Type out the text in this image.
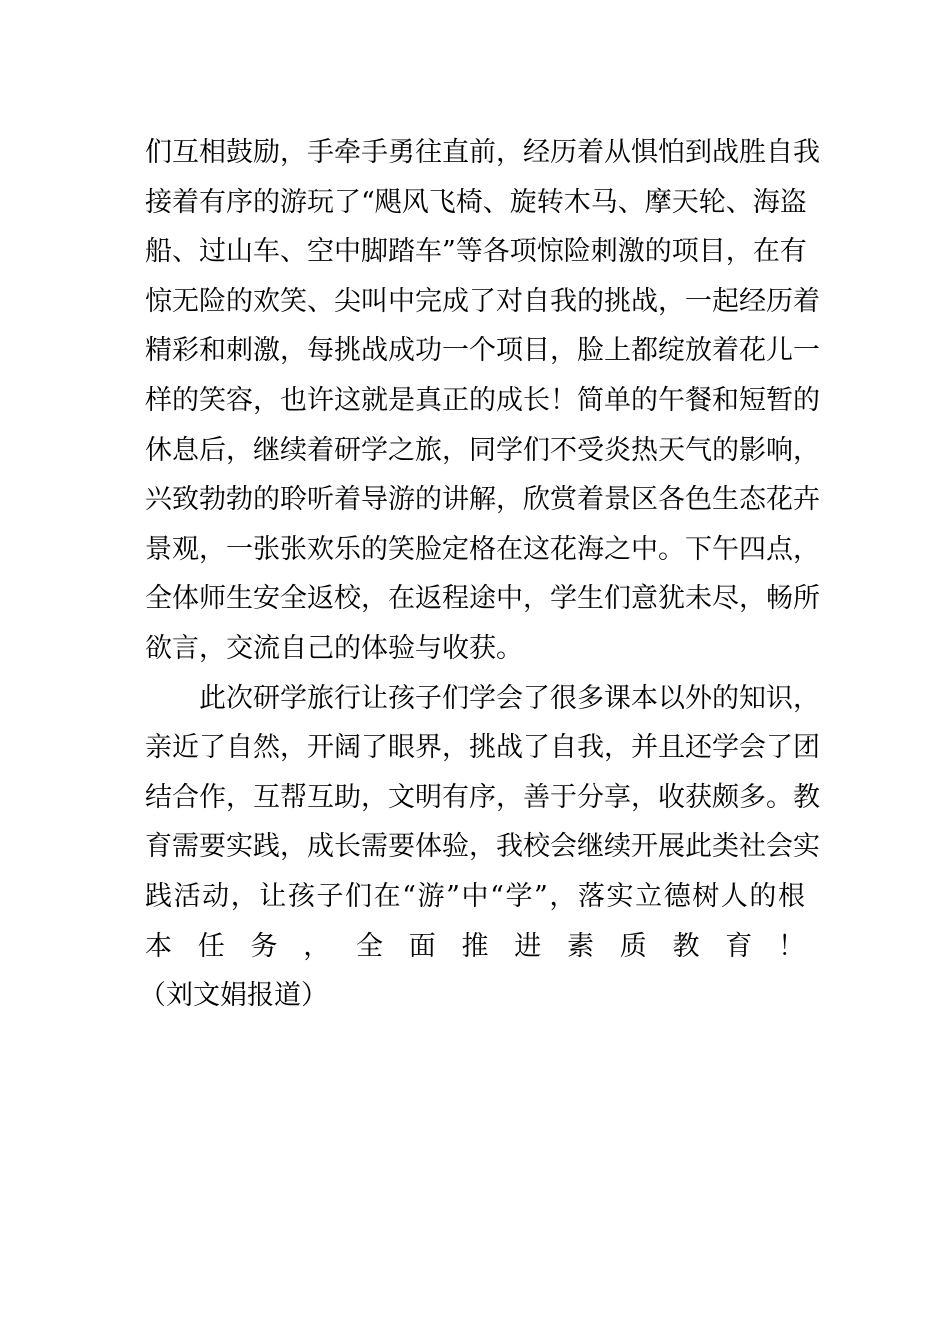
们互相鼓励，手牵手勇往直前，经历着从惧怕到战胜自我
接着有序的游玩了“飓风飞椅、旋转木马、摩天轮、海盗
船、过山车、空中脚踏车”等各项惊险刺激的项目，在有
惊无险的欢笑、尖叫中完成了对自我的挑战，一起经历着
精彩和刺激，每挑战成功一个项目，脸上都绽放着花儿一
样的笑容，也许这就是真正的成长！简单的午餐和短暂的
休息后，继续着研学之旅，同学们不受炎热天气的影响，
兴致勃勃的聆听着导游的讲解，欣赏着景区各色生态花卉
景观，一张张欢乐的笑脸定格在这花海之中。下午四点，
全体师生安全返校，在返程途中，学生们意犹未尽，畅所
欲言，交流自己的体验与收获。
此次研学旅行让孩子们学会了很多课本以外的知识，
亲近了自然，开阔了眼界，挑战了自我，并且还学会了团
结合作，互帮互助，文明有序，善于分享，收获颇多。教
育需要实践，成长需要体验，我校会继续开展此类社会实
践活动，让孩子们在“游”中“学”，落实立德树人的根
本 任 务 ， 全 面 推 进 素 质 教 育 ！
（刘文娟报道）
